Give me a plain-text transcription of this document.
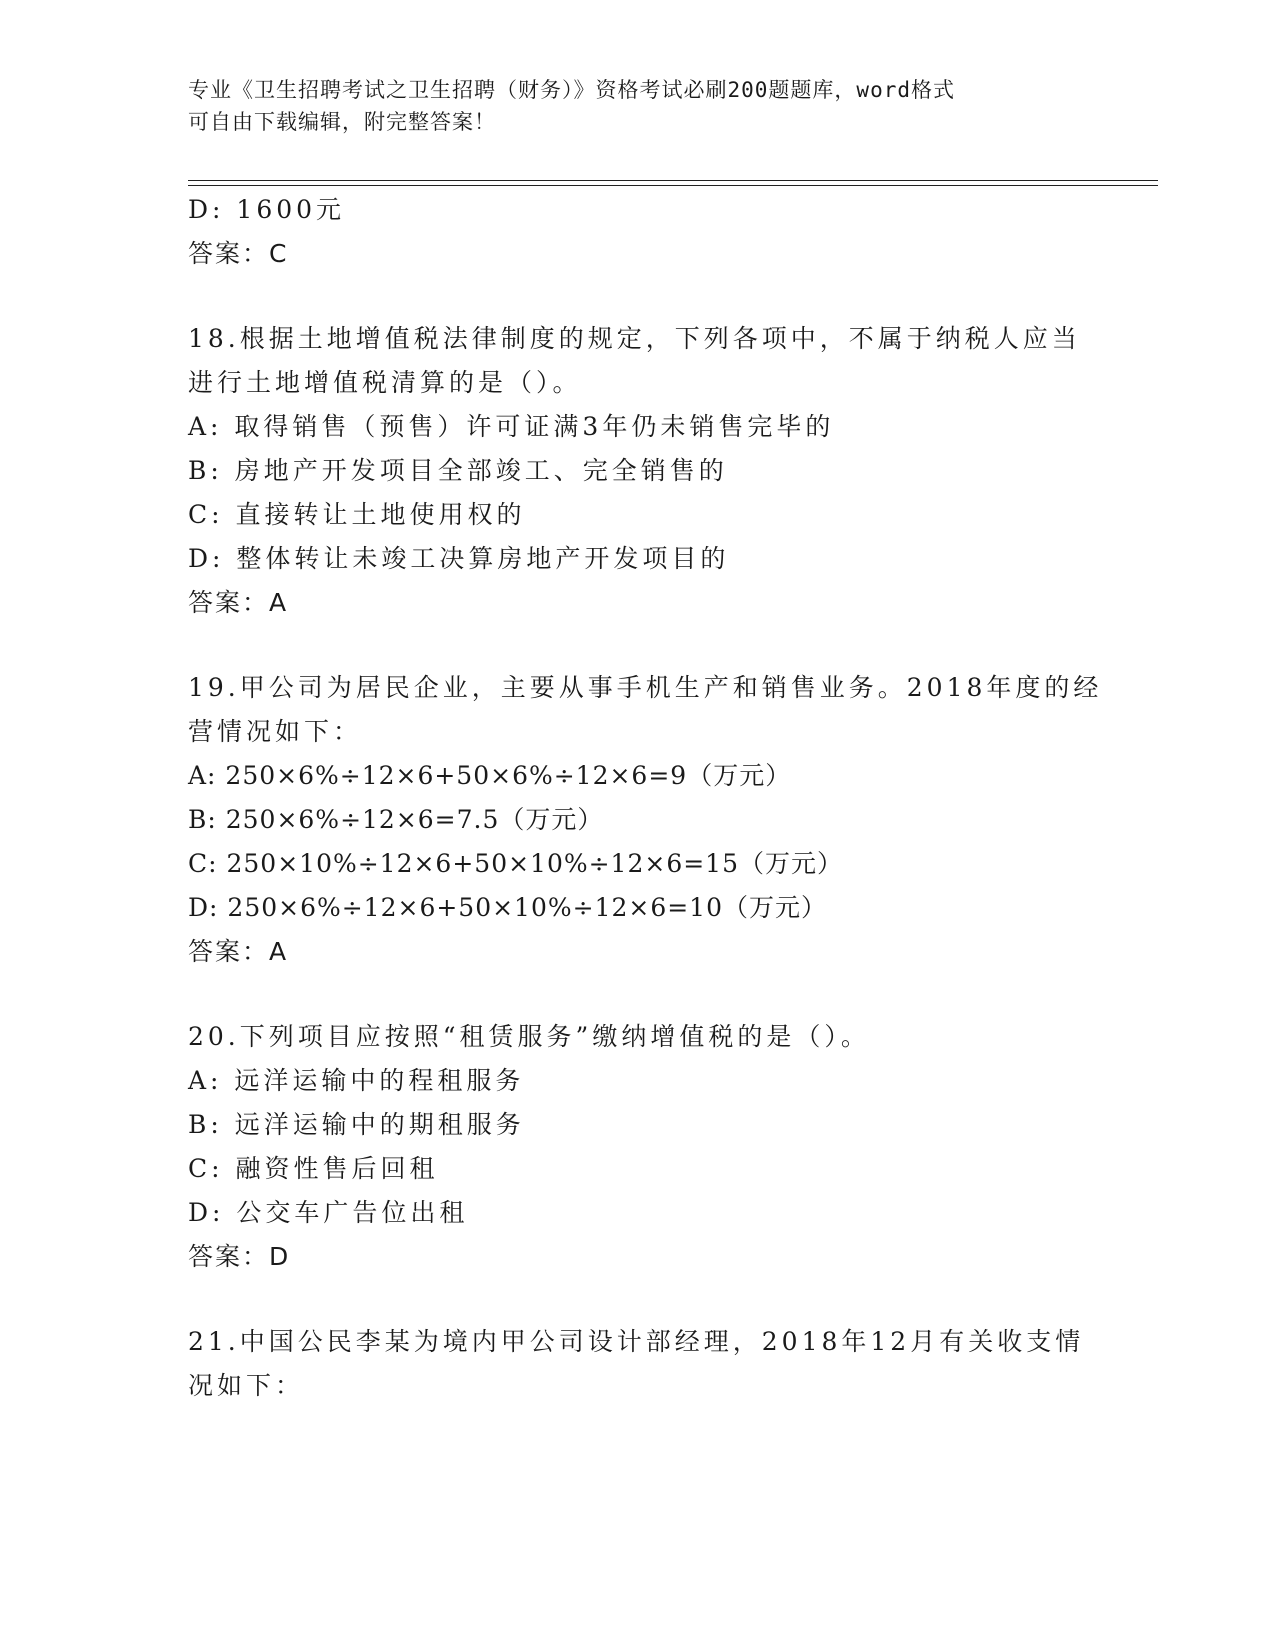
专业《卫生招聘考试之卫生招聘（财务）》资格考试必刷200题题库，word格式
可自由下载编辑，附完整答案！
D: 1600元
答案：C
18.根据土地增值税法律制度的规定，下列各项中，不属于纳税人应当
进行土地增值税清算的是（）。
A: 取得销售（预售）许可证满3年仍未销售完毕的
B: 房地产开发项目全部竣工、完全销售的
C: 直接转让土地使用权的
D: 整体转让未竣工决算房地产开发项目的
答案：A
19.甲公司为居民企业，主要从事手机生产和销售业务。2018年度的经
营情况如下：
A: 250×6%÷12×6+50×6%÷12×6=9（万元）
B: 250×6%÷12×6=7.5（万元）
C: 250×10%÷12×6+50×10%÷12×6=15（万元）
D: 250×6%÷12×6+50×10%÷12×6=10（万元）
答案：A
20.下列项目应按照“租赁服务”缴纳增值税的是（）。
A: 远洋运输中的程租服务
B: 远洋运输中的期租服务
C: 融资性售后回租
D: 公交车广告位出租
答案：D
21.中国公民李某为境内甲公司设计部经理，2018年12月有关收支情
况如下：
